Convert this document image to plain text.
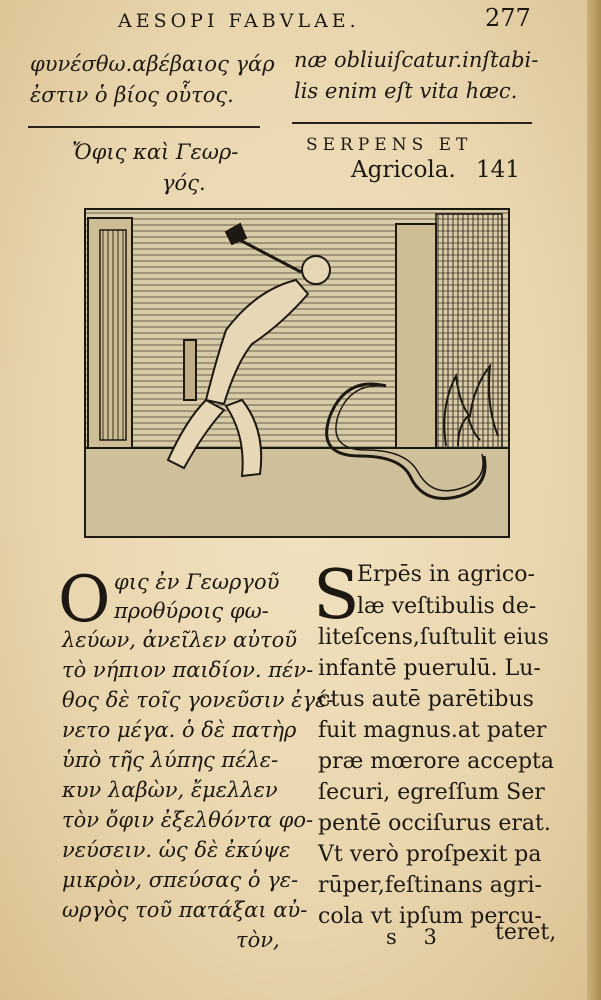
AESOPI FABVLAE.	277
φυνέσθω.αβέβαιος γάρ
ἐστιν ὁ βίος οὗτος.
næ obliuiſcatur.inſtabi-
lis enim eſt vita hæc.
Ὄφις καὶ Γεωρ-
γός.
SERPENS ET
Agricola. 141
Ο φις ἐν Γεωργοῦ
προθύροις φω-
λεύων, ἀνεῖλεν αὐτοῦ
τὸ νήπιον παιδίον. πέν-
θος δὲ τοῖς γονεῦσιν ἐγέ-
νετο μέγα. ὁ δὲ πατὴρ
ὑπὸ τῆς λύπης πέλε-
κυν λαβὼν, ἔμελλεν
τὸν ὄφιν ἐξελθόντα φο-
νεύσειν. ὡς δὲ ἐκύψε
μικρὸν, σπεύσας ὁ γε-
ωργὸς τοῦ πατάξαι αὐ-
τὸν,
S
Erpēs in agrico-
læ veſtibulis de-
liteſcens,ſuſtulit eius
infantē puerulū. Lu-
ctus autē parētibus
fuit magnus.at pater
præ mœrore accepta
ſecuri, egreſſum Ser
pentē occiſurus erat.
Vt verò proſpexit pa
rūper,feſtinans agri-
cola vt ipſum percu-
s 3 teret,
